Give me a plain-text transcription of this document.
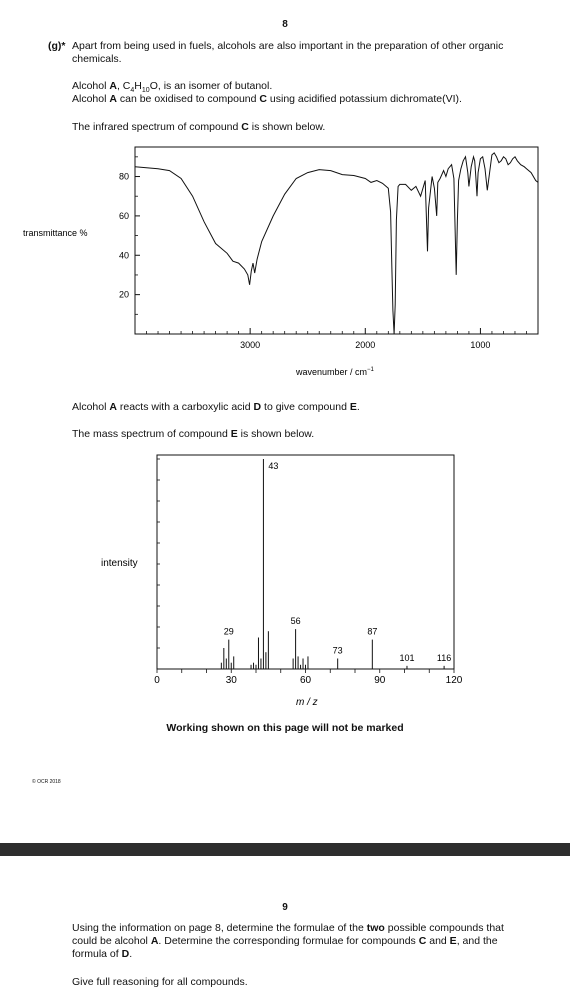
8
(g)* Apart from being used in fuels, alcohols are also important in the preparation of other organic
chemicals.
Alcohol A, $C_4H_{10}O$, is an isomer of butanol.
Alcohol A can be oxidised to compound C using acidified potassium dichromate(VI).
The infrared spectrum of compound C is shown below.
20
40
60
80
3000	2000	1000
transmittance %
wavenumber / $cm^{-1}$
Alcohol A reacts with a carboxylic acid D to give compound E.
The mass spectrum of compound E is shown below.
0	30	60	90	120
29
43
56
73
87
101 116
intensity
m / z
Working shown on this page will not be marked
© OCR 2018
9
Using the information on page 8, determine the formulae of the two possible compounds that
could be alcohol A. Determine the corresponding formulae for compounds C and E, and the
formula of D.
Give full reasoning for all compounds.
